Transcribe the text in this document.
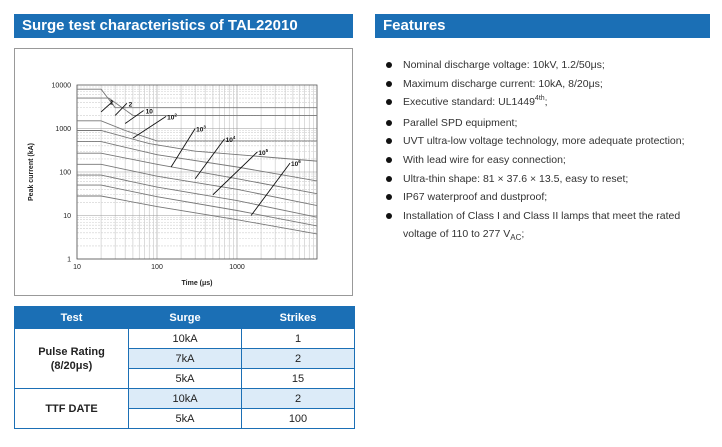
Surge test characteristics of TAL22010	Features
1 2
10
$10^2$
$10^3$
$10^4$
$10^5$
$10^6$
10	100	1000
10000
1000
100
10
1
Time (μs)
Peak current (kA)
Test	Surge	Strikes
Pulse Rating
(8/20μs)	10kA	1
	7kA	2
	5kA	15
TTF DATE	10kA	2
	5kA	100
Nominal discharge voltage: 10kV, 1.2/50μs;
Maximum discharge current: 10kA, 8/20μs;
Executive standard: $UL1449^{4th}$;
Parallel SPD equipment;
UVT ultra-low voltage technology, more adequate protection;
With lead wire for easy connection;
Ultra-thin shape: 81 × 37.6 × 13.5, easy to reset;
IP67 waterproof and dustproof;
Installation of Class I and Class II lamps that meet the rated voltage of 110 to 277 $V_{AC}$;
